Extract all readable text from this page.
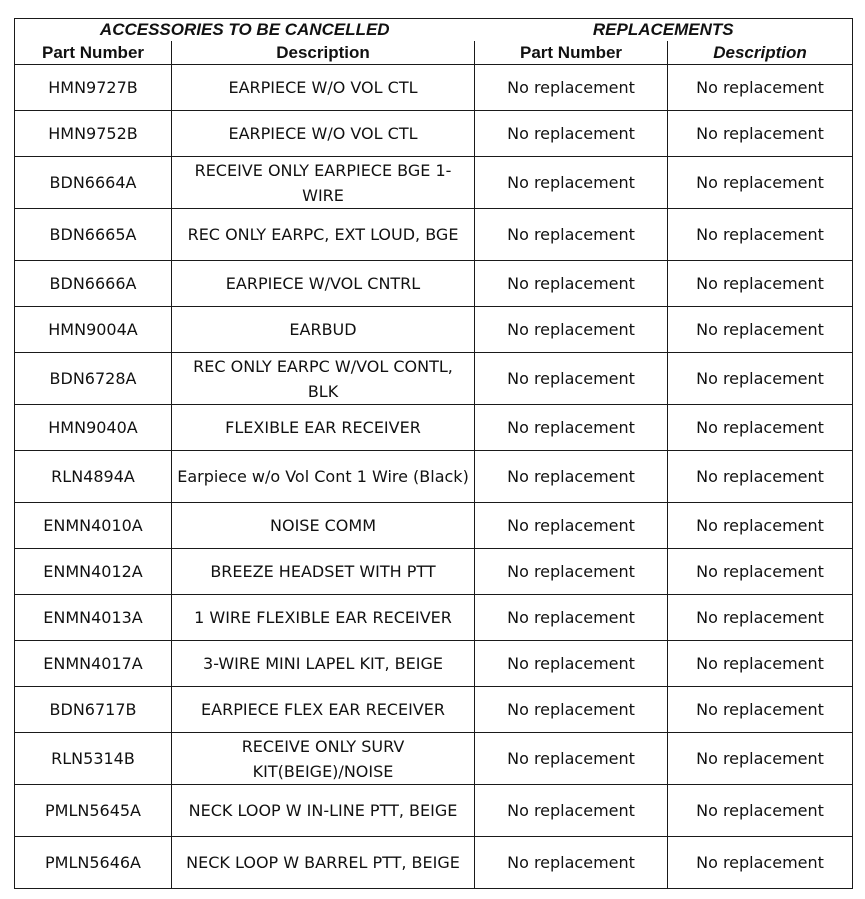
ACCESSORIES TO BE CANCELLED		REPLACEMENTS	
Part Number	Description	Part Number	Description
HMN9727B	EARPIECE W/O VOL CTL	No replacement	No replacement
HMN9752B	EARPIECE W/O VOL CTL	No replacement	No replacement
BDN6664A	RECEIVE ONLY EARPIECE BGE 1-WIRE	No replacement	No replacement
BDN6665A	REC ONLY EARPC, EXT LOUD, BGE	No replacement	No replacement
BDN6666A	EARPIECE W/VOL CNTRL	No replacement	No replacement
HMN9004A	EARBUD	No replacement	No replacement
BDN6728A	REC ONLY EARPC W/VOL CONTL, BLK	No replacement	No replacement
HMN9040A	FLEXIBLE EAR RECEIVER	No replacement	No replacement
RLN4894A	Earpiece w/o Vol Cont 1 Wire (Black)	No replacement	No replacement
ENMN4010A	NOISE COMM	No replacement	No replacement
ENMN4012A	BREEZE HEADSET WITH PTT	No replacement	No replacement
ENMN4013A	1 WIRE FLEXIBLE EAR RECEIVER	No replacement	No replacement
ENMN4017A	3-WIRE MINI LAPEL KIT, BEIGE	No replacement	No replacement
BDN6717B	EARPIECE FLEX EAR RECEIVER	No replacement	No replacement
RLN5314B	RECEIVE ONLY SURV KIT(BEIGE)/NOISE	No replacement	No replacement
PMLN5645A	NECK LOOP W IN-LINE PTT, BEIGE	No replacement	No replacement
PMLN5646A	NECK LOOP W BARREL PTT, BEIGE	No replacement	No replacement
